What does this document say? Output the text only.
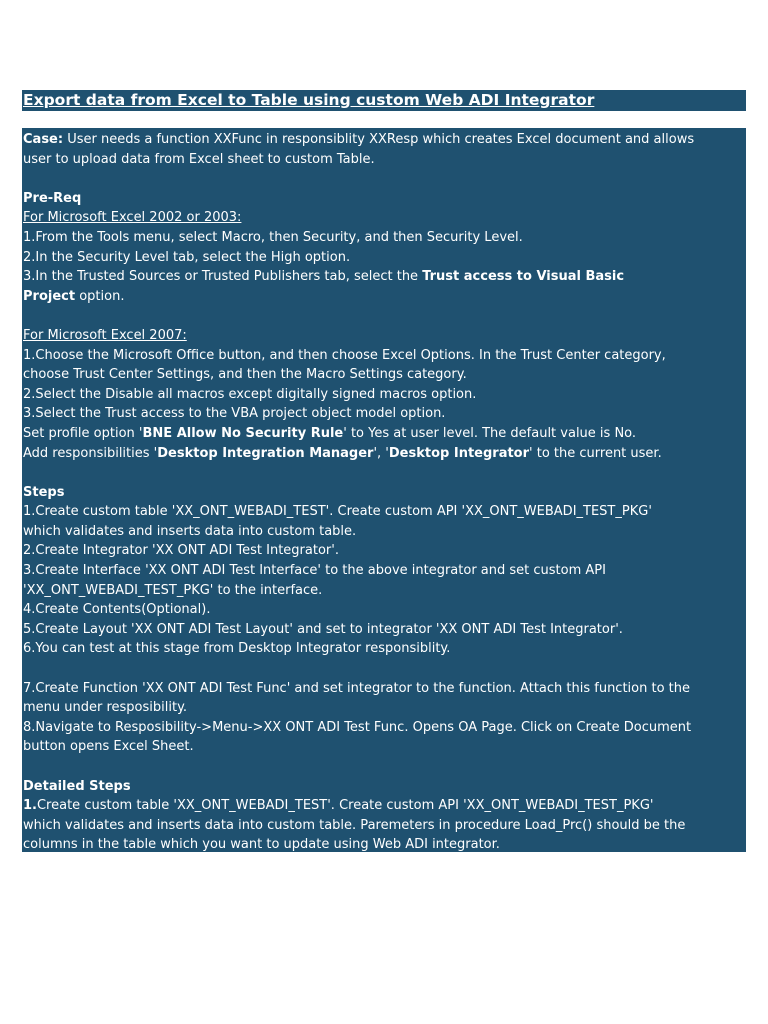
Export data from Excel to Table using custom Web ADI Integrator
Case: User needs a function XXFunc in responsiblity XXResp which creates Excel document and allows
user to upload data from Excel sheet to custom Table.
Pre-Req
For Microsoft Excel 2002 or 2003:
1.From the Tools menu, select Macro, then Security, and then Security Level.
2.In the Security Level tab, select the High option.
3.In the Trusted Sources or Trusted Publishers tab, select the Trust access to Visual Basic
Project option.
For Microsoft Excel 2007:
1.Choose the Microsoft Office button, and then choose Excel Options. In the Trust Center category,
choose Trust Center Settings, and then the Macro Settings category.
2.Select the Disable all macros except digitally signed macros option.
3.Select the Trust access to the VBA project object model option.
Set profile option 'BNE Allow No Security Rule' to Yes at user level. The default value is No.
Add responsibilities 'Desktop Integration Manager', 'Desktop Integrator' to the current user.
Steps
1.Create custom table 'XX_ONT_WEBADI_TEST'. Create custom API 'XX_ONT_WEBADI_TEST_PKG'
which validates and inserts data into custom table.
2.Create Integrator 'XX ONT ADI Test Integrator'.
3.Create Interface 'XX ONT ADI Test Interface' to the above integrator and set custom API
'XX_ONT_WEBADI_TEST_PKG' to the interface.
4.Create Contents(Optional).
5.Create Layout 'XX ONT ADI Test Layout' and set to integrator 'XX ONT ADI Test Integrator'.
6.You can test at this stage from Desktop Integrator responsiblity.
7.Create Function 'XX ONT ADI Test Func' and set integrator to the function. Attach this function to the
menu under resposibility.
8.Navigate to Resposibility->Menu->XX ONT ADI Test Func. Opens OA Page. Click on Create Document
button opens Excel Sheet.
Detailed Steps
1.Create custom table 'XX_ONT_WEBADI_TEST'. Create custom API 'XX_ONT_WEBADI_TEST_PKG'
which validates and inserts data into custom table. Paremeters in procedure Load_Prc() should be the
columns in the table which you want to update using Web ADI integrator.
